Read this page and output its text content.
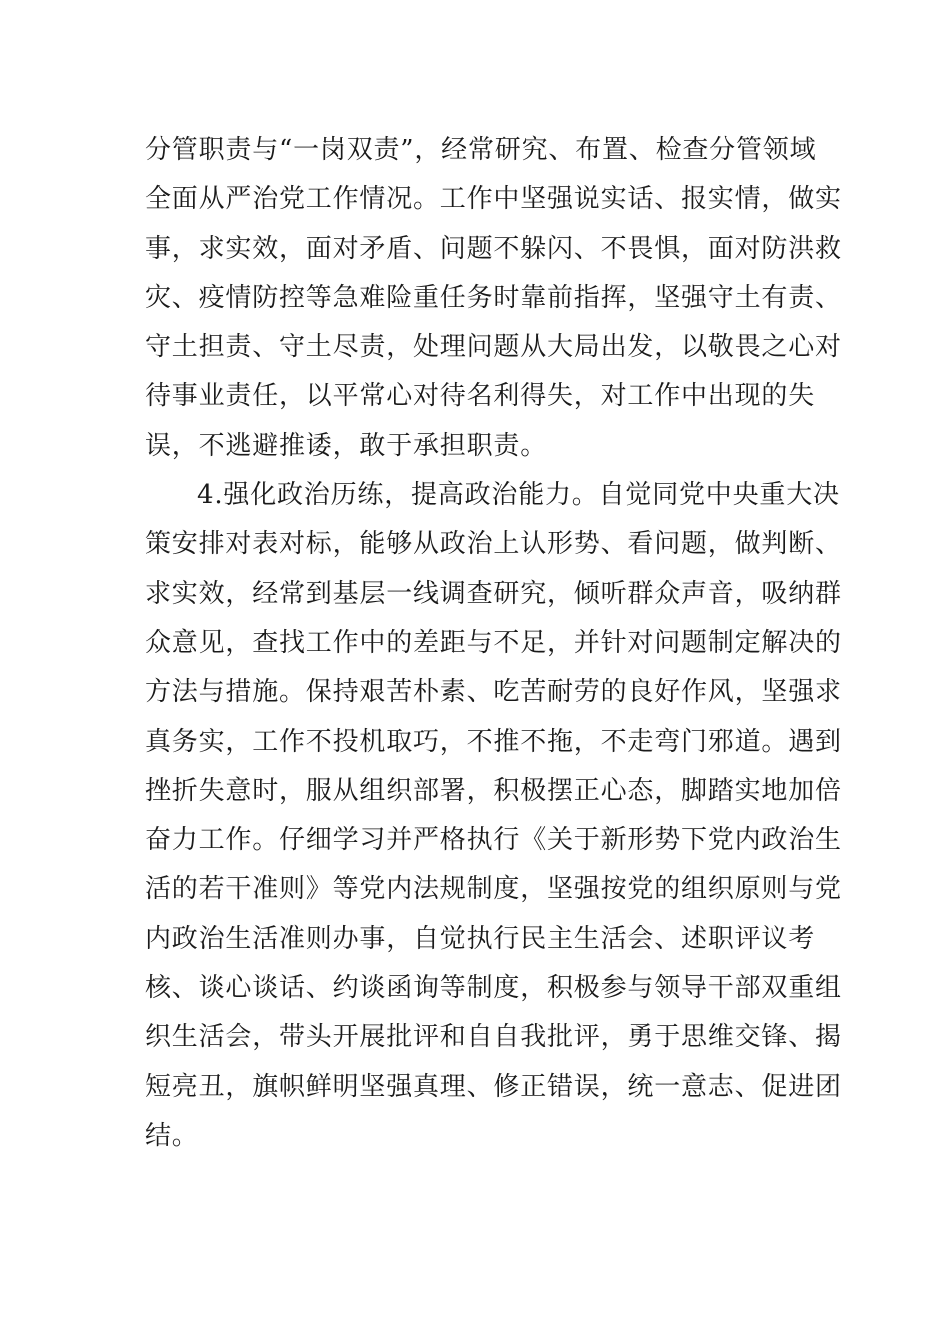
分管职责与“一岗双责”，经常研究、布置、检查分管领域
全面从严治党工作情况。工作中坚强说实话、报实情，做实
事，求实效，面对矛盾、问题不躲闪、不畏惧，面对防洪救
灾、疫情防控等急难险重任务时靠前指挥，坚强守土有责、
守土担责、守土尽责，处理问题从大局出发，以敬畏之心对
待事业责任，以平常心对待名利得失，对工作中出现的失
误，不逃避推诿，敢于承担职责。
4.强化政治历练，提高政治能力。自觉同党中央重大决
策安排对表对标，能够从政治上认形势、看问题，做判断、
求实效，经常到基层一线调查研究，倾听群众声音，吸纳群
众意见，查找工作中的差距与不足，并针对问题制定解决的
方法与措施。保持艰苦朴素、吃苦耐劳的良好作风，坚强求
真务实，工作不投机取巧，不推不拖，不走弯门邪道。遇到
挫折失意时，服从组织部署，积极摆正心态，脚踏实地加倍
奋力工作。仔细学习并严格执行《关于新形势下党内政治生
活的若干准则》等党内法规制度，坚强按党的组织原则与党
内政治生活准则办事，自觉执行民主生活会、述职评议考
核、谈心谈话、约谈函询等制度，积极参与领导干部双重组
织生活会，带头开展批评和自自我批评，勇于思维交锋、揭
短亮丑，旗帜鲜明坚强真理、修正错误，统一意志、促进团
结。
